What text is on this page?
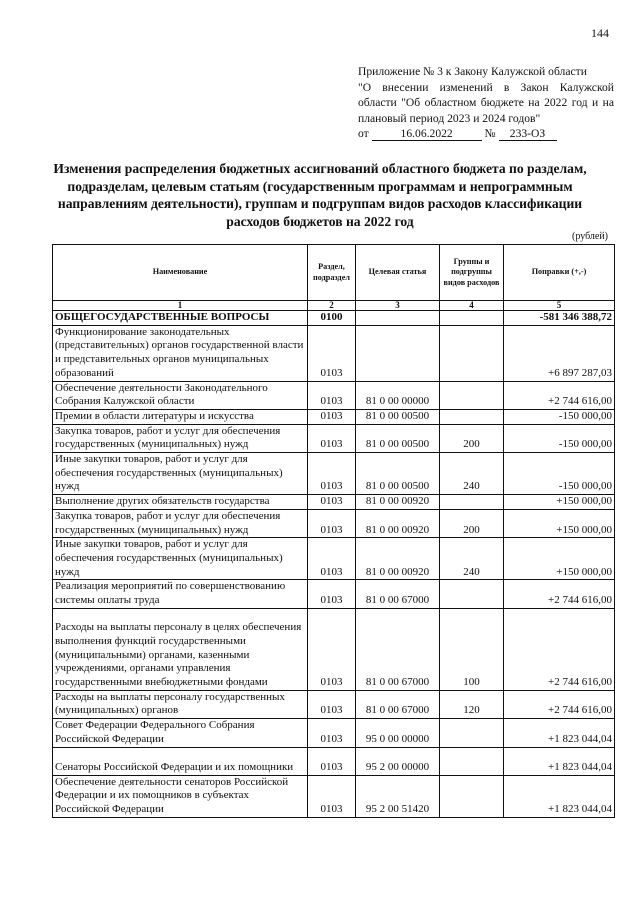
144
Приложение № 3 к Закону Калужской области
"О внесении изменений в Закон Калужской области "Об областном бюджете на 2022 год и на плановый период 2023 и 2024 годов"
от	16.06.2022	№ 233-ОЗ
Изменения распределения бюджетных ассигнований областного бюджета по разделам, подразделам, целевым статьям (государственным программам и непрограммным направлениям деятельности), группам и подгруппам видов расходов классификации расходов бюджетов на 2022 год
(рублей)
Наименование	Раздел, подраздел	Целевая статья	Группы и подгруппы видов расходов	Поправки (+,-)
1	2	3	4	5
ОБЩЕГОСУДАРСТВЕННЫЕ ВОПРОСЫ	0100			-581 346 388,72
Функционирование законодательных (представительных) органов государственной власти и представительных органов муниципальных образований	0103			+6 897 287,03
Обеспечение деятельности Законодательного Собрания Калужской области	0103	81 0 00 00000		+2 744 616,00
Премии в области литературы и искусства	0103	81 0 00 00500		-150 000,00
Закупка товаров, работ и услуг для обеспечения государственных (муниципальных) нужд	0103	81 0 00 00500	200	-150 000,00
Иные закупки товаров, работ и услуг для обеспечения государственных (муниципальных) нужд	0103	81 0 00 00500	240	-150 000,00
Выполнение других обязательств государства	0103	81 0 00 00920		+150 000,00
Закупка товаров, работ и услуг для обеспечения государственных (муниципальных) нужд	0103	81 0 00 00920	200	+150 000,00
Иные закупки товаров, работ и услуг для обеспечения государственных (муниципальных) нужд	0103	81 0 00 00920	240	+150 000,00
Реализация мероприятий по совершенствованию системы оплаты труда	0103	81 0 00 67000		+2 744 616,00
Расходы на выплаты персоналу в целях обеспечения выполнения функций государственными (муниципальными) органами, казенными учреждениями, органами управления государственными внебюджетными фондами	0103	81 0 00 67000	100	+2 744 616,00
Расходы на выплаты персоналу государственных (муниципальных) органов	0103	81 0 00 67000	120	+2 744 616,00
Совет Федерации Федерального Собрания Российской Федерации	0103	95 0 00 00000		+1 823 044,04
Сенаторы Российской Федерации и их помощники	0103	95 2 00 00000		+1 823 044,04
Обеспечение деятельности сенаторов Российской Федерации и их помощников в субъектах Российской Федерации	0103	95 2 00 51420		+1 823 044,04
